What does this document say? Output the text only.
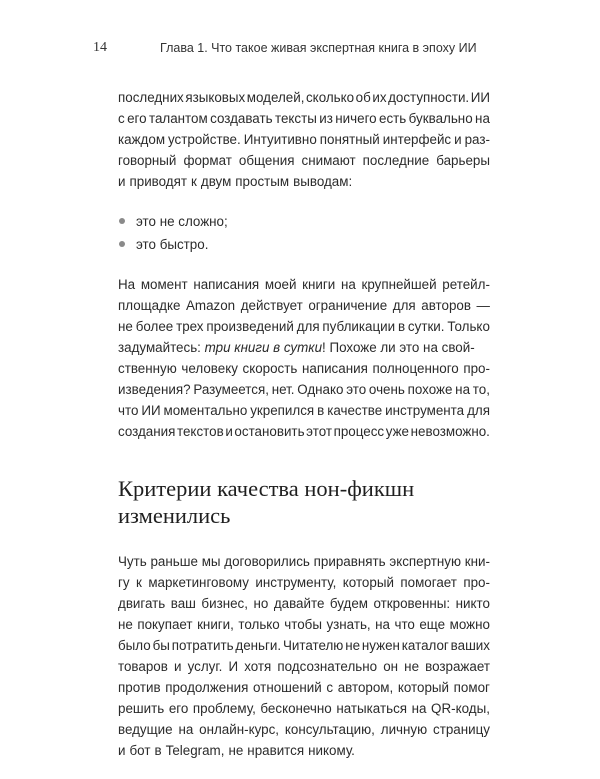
14	Глава 1. Что такое живая экспертная книга в эпоху ИИ
последних языковых моделей, сколько об их доступности. ИИ
с его талантом создавать тексты из ничего есть буквально на
каждом устройстве. Интуитивно понятный интерфейс и раз-
говорный формат общения снимают последние барьеры
и приводят к двум простым выводам:
это не сложно;
это быстро.
На момент написания моей книги на крупнейшей ретейл-
площадке Amazon действует ограничение для авторов —
не более трех произведений для публикации в сутки. Только
задумайтесь: три книги в сутки ! Похоже ли это на свой-
ственную человеку скорость написания полноценного про-
изведения? Разумеется, нет. Однако это очень похоже на то,
что ИИ моментально укрепился в качестве инструмента для
создания текстов и остановить этот процесс уже невозможно.
Критерии качества нон-фикшн
изменились
Чуть раньше мы договорились приравнять экспертную кни-
гу к маркетинговому инструменту, который помогает про-
двигать ваш бизнес, но давайте будем откровенны: никто
не покупает книги, только чтобы узнать, на что еще можно
было бы потратить деньги. Читателю не нужен каталог ваших
товаров и услуг. И хотя подсознательно он не возражает
против продолжения отношений с автором, который помог
решить его проблему, бесконечно натыкаться на QR-коды,
ведущие на онлайн-курс, консультацию, личную страницу
и бот в Telegram, не нравится никому.
